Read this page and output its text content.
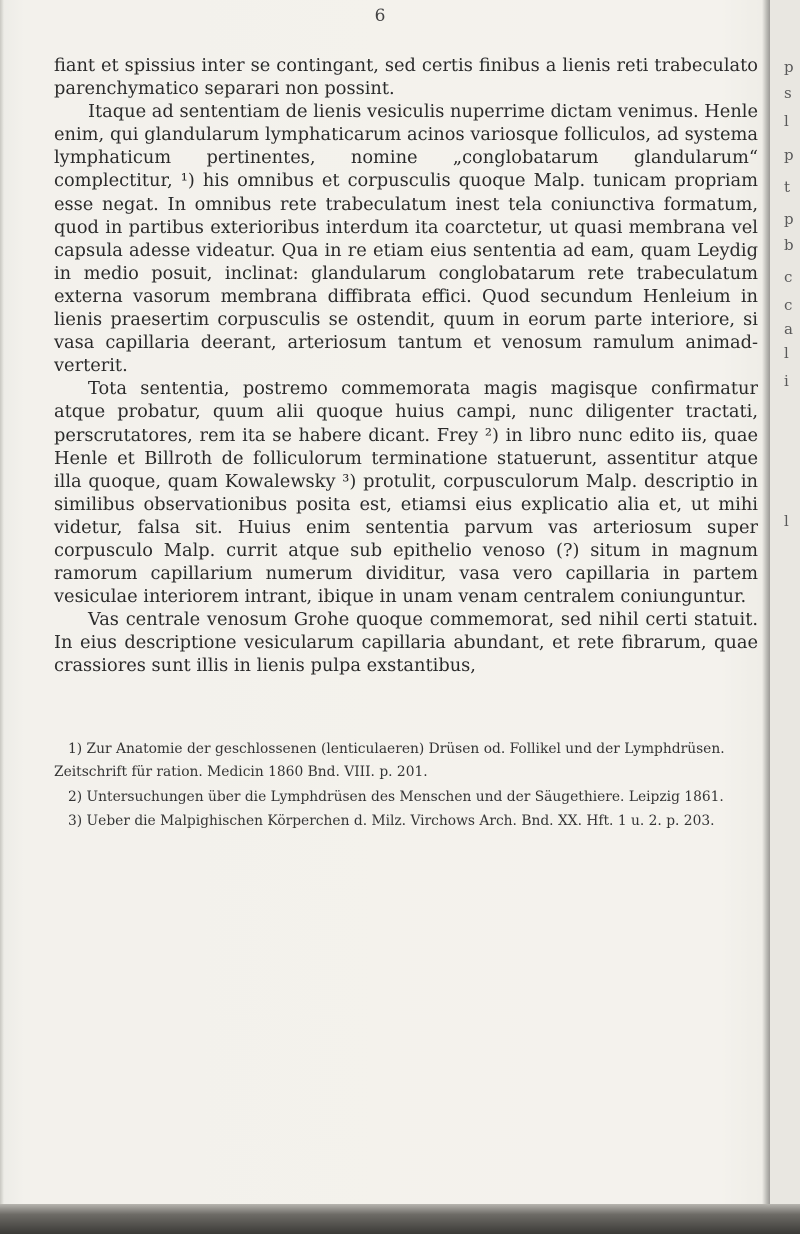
6

fiant et spissius inter se contingant, sed certis finibus a lienis reti trabeculato parenchymatico separari non possint.

Itaque ad sententiam de lienis vesiculis nuperrime dictam venimus. Henle enim, qui glandularum lymphaticarum acinos variosque folliculos, ad systema lymphaticum pertinentes, nomine „conglobatarum glandularum“ complectitur, ¹) his omnibus et corpusculis quoque Malp. tunicam propriam esse negat. In omnibus rete trabeculatum inest tela coniunctiva formatum, quod in partibus exterioribus interdum ita coarctetur, ut quasi membrana vel capsula adesse videatur. Qua in re etiam eius sententia ad eam, quam Leydig in medio posuit, inclinat: glandularum conglobatarum rete trabeculatum externa vasorum membrana diffibrata effici. Quod secundum Henleium in lienis praesertim corpusculis se ostendit, quum in eorum parte interiore, si vasa capillaria deerant, arteriosum tantum et venosum ramulum animadverterit.

Tota sententia, postremo commemorata magis magisque confirmatur atque probatur, quum alii quoque huius campi, nunc diligenter tractati, perscrutatores, rem ita se habere dicant. Frey ²) in libro nunc edito iis, quae Henle et Billroth de folliculorum terminatione statuerunt, assentitur atque illa quoque, quam Kowalewsky ³) protulit, corpusculorum Malp. descriptio in similibus observationibus posita est, etiamsi eius explicatio alia et, ut mihi videtur, falsa sit. Huius enim sententia parvum vas arteriosum super corpusculo Malp. currit atque sub epithelio venoso (?) situm in magnum ramorum capillarium numerum dividitur, vasa vero capillaria in partem vesiculae interiorem intrant, ibique in unam venam centralem coniunguntur.

Vas centrale venosum Grohe quoque commemorat, sed nihil certi statuit. In eius descriptione vesicularum capillaria abundant, et rete fibrarum, quae crassiores sunt illis in lienis pulpa exstantibus,

1) Zur Anatomie der geschlossenen (lenticulaeren) Drüsen od. Follikel und der Lymphdrüsen. Zeitschrift für ration. Medicin 1860 Bnd. VIII. p. 201.

2) Untersuchungen über die Lymphdrüsen des Menschen und der Säugethiere. Leipzig 1861.

3) Ueber die Malpighischen Körperchen d. Milz. Virchows Arch. Bnd. XX. Hft. 1 u. 2. p. 203.

p
s
l
p
t
p
b
c
c
a
l
i
l
